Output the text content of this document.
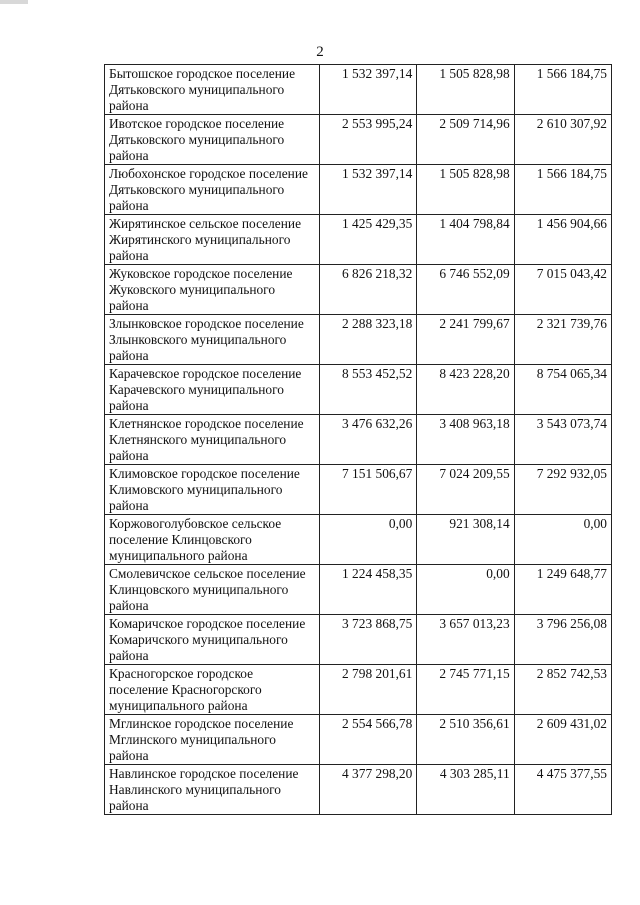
2
Бытошское городское поселение Дятьковского муниципального района	1 532 397,14	1 505 828,98	1 566 184,75
Ивотское городское поселение Дятьковского муниципального района	2 553 995,24	2 509 714,96	2 610 307,92
Любохонское городское поселение Дятьковского муниципального района	1 532 397,14	1 505 828,98	1 566 184,75
Жирятинское сельское поселение Жирятинского муниципального района	1 425 429,35	1 404 798,84	1 456 904,66
Жуковское городское поселение Жуковского муниципального района	6 826 218,32	6 746 552,09	7 015 043,42
Злынковское городское поселение Злынковского муниципального района	2 288 323,18	2 241 799,67	2 321 739,76
Карачевское городское поселение Карачевского муниципального района	8 553 452,52	8 423 228,20	8 754 065,34
Клетнянское городское поселение Клетнянского муниципального района	3 476 632,26	3 408 963,18	3 543 073,74
Климовское городское поселение Климовского муниципального района	7 151 506,67	7 024 209,55	7 292 932,05
Коржовоголубовское сельское поселение Клинцовского муниципального района	0,00	921 308,14	0,00
Смолевичское сельское поселение Клинцовского муниципального района	1 224 458,35	0,00	1 249 648,77
Комаричское городское поселение Комаричского муниципального района	3 723 868,75	3 657 013,23	3 796 256,08
Красногорское городское поселение Красногорского муниципального района	2 798 201,61	2 745 771,15	2 852 742,53
Мглинское городское поселение Мглинского муниципального района	2 554 566,78	2 510 356,61	2 609 431,02
Навлинское городское поселение Навлинского муниципального района	4 377 298,20	4 303 285,11	4 475 377,55
